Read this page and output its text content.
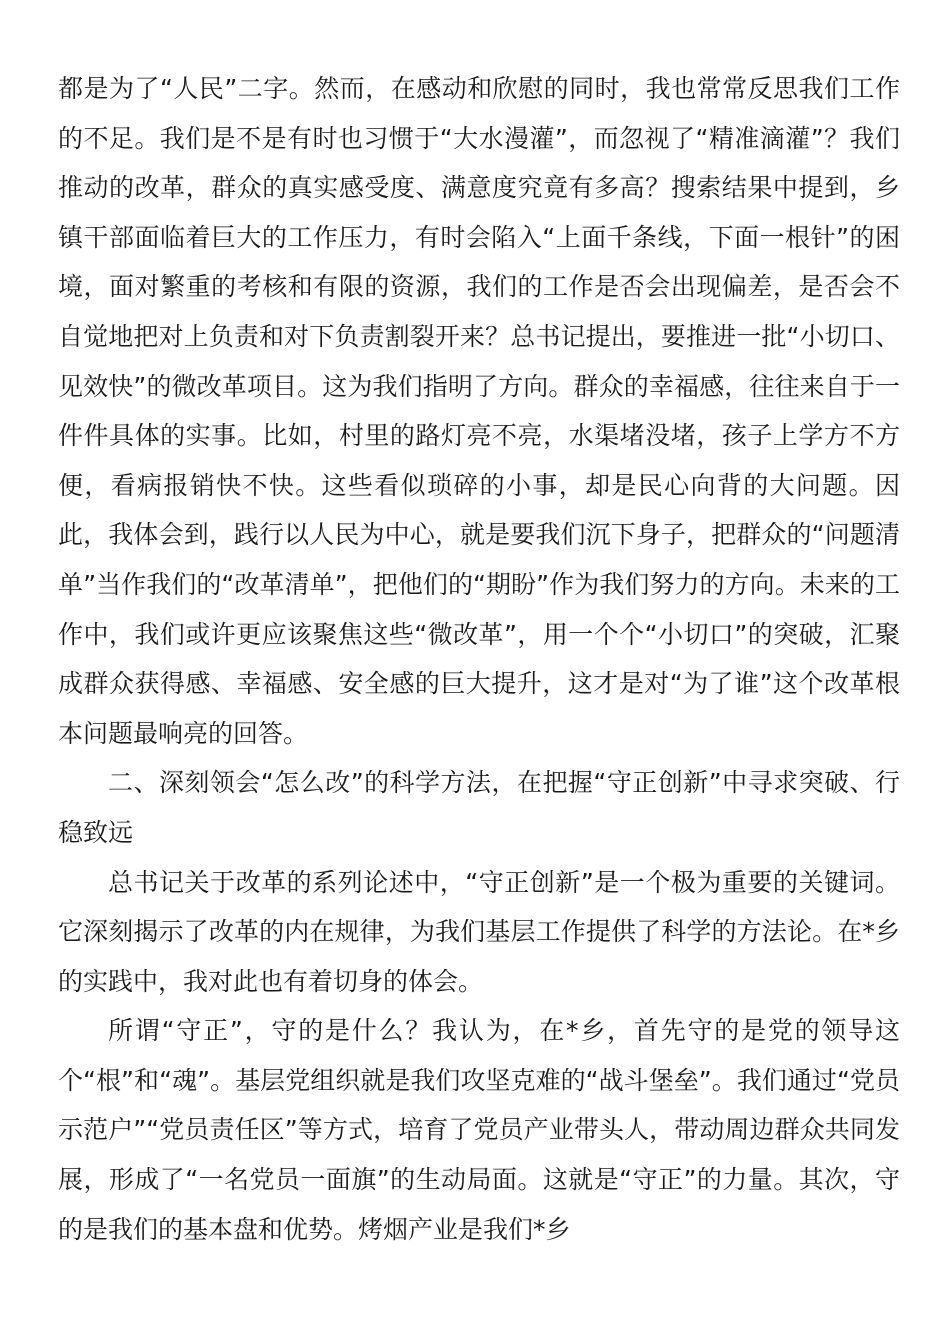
都是为了“人民”二字。然而，在感动和欣慰的同时，我也常常反思我们工作的不足。我们是不是有时也习惯于“大水漫灌”，而忽视了“精准滴灌”？我们推动的改革，群众的真实感受度、满意度究竟有多高？搜索结果中提到，乡镇干部面临着巨大的工作压力，有时会陷入“上面千条线，下面一根针”的困境，面对繁重的考核和有限的资源，我们的工作是否会出现偏差，是否会不自觉地把对上负责和对下负责割裂开来？总书记提出，要推进一批“小切口、见效快”的微改革项目。这为我们指明了方向。群众的幸福感，往往来自于一件件具体的实事。比如，村里的路灯亮不亮，水渠堵没堵，孩子上学方不方便，看病报销快不快。这些看似琐碎的小事，却是民心向背的大问题。因此，我体会到，践行以人民为中心，就是要我们沉下身子，把群众的“问题清单”当作我们的“改革清单”，把他们的“期盼”作为我们努力的方向。未来的工作中，我们或许更应该聚焦这些“微改革”，用一个个“小切口”的突破，汇聚成群众获得感、幸福感、安全感的巨大提升，这才是对“为了谁”这个改革根本问题最响亮的回答。

二、深刻领会“怎么改”的科学方法，在把握“守正创新”中寻求突破、行稳致远

总书记关于改革的系列论述中，“守正创新”是一个极为重要的关键词。它深刻揭示了改革的内在规律，为我们基层工作提供了科学的方法论。在*乡的实践中，我对此也有着切身的体会。

所谓“守正”，守的是什么？我认为，在*乡，首先守的是党的领导这个“根”和“魂”。基层党组织就是我们攻坚克难的“战斗堡垒”。我们通过“党员示范户”“党员责任区”等方式，培育了党员产业带头人，带动周边群众共同发展，形成了“一名党员一面旗”的生动局面。这就是“守正”的力量。其次，守的是我们的基本盘和优势。烤烟产业是我们*乡
